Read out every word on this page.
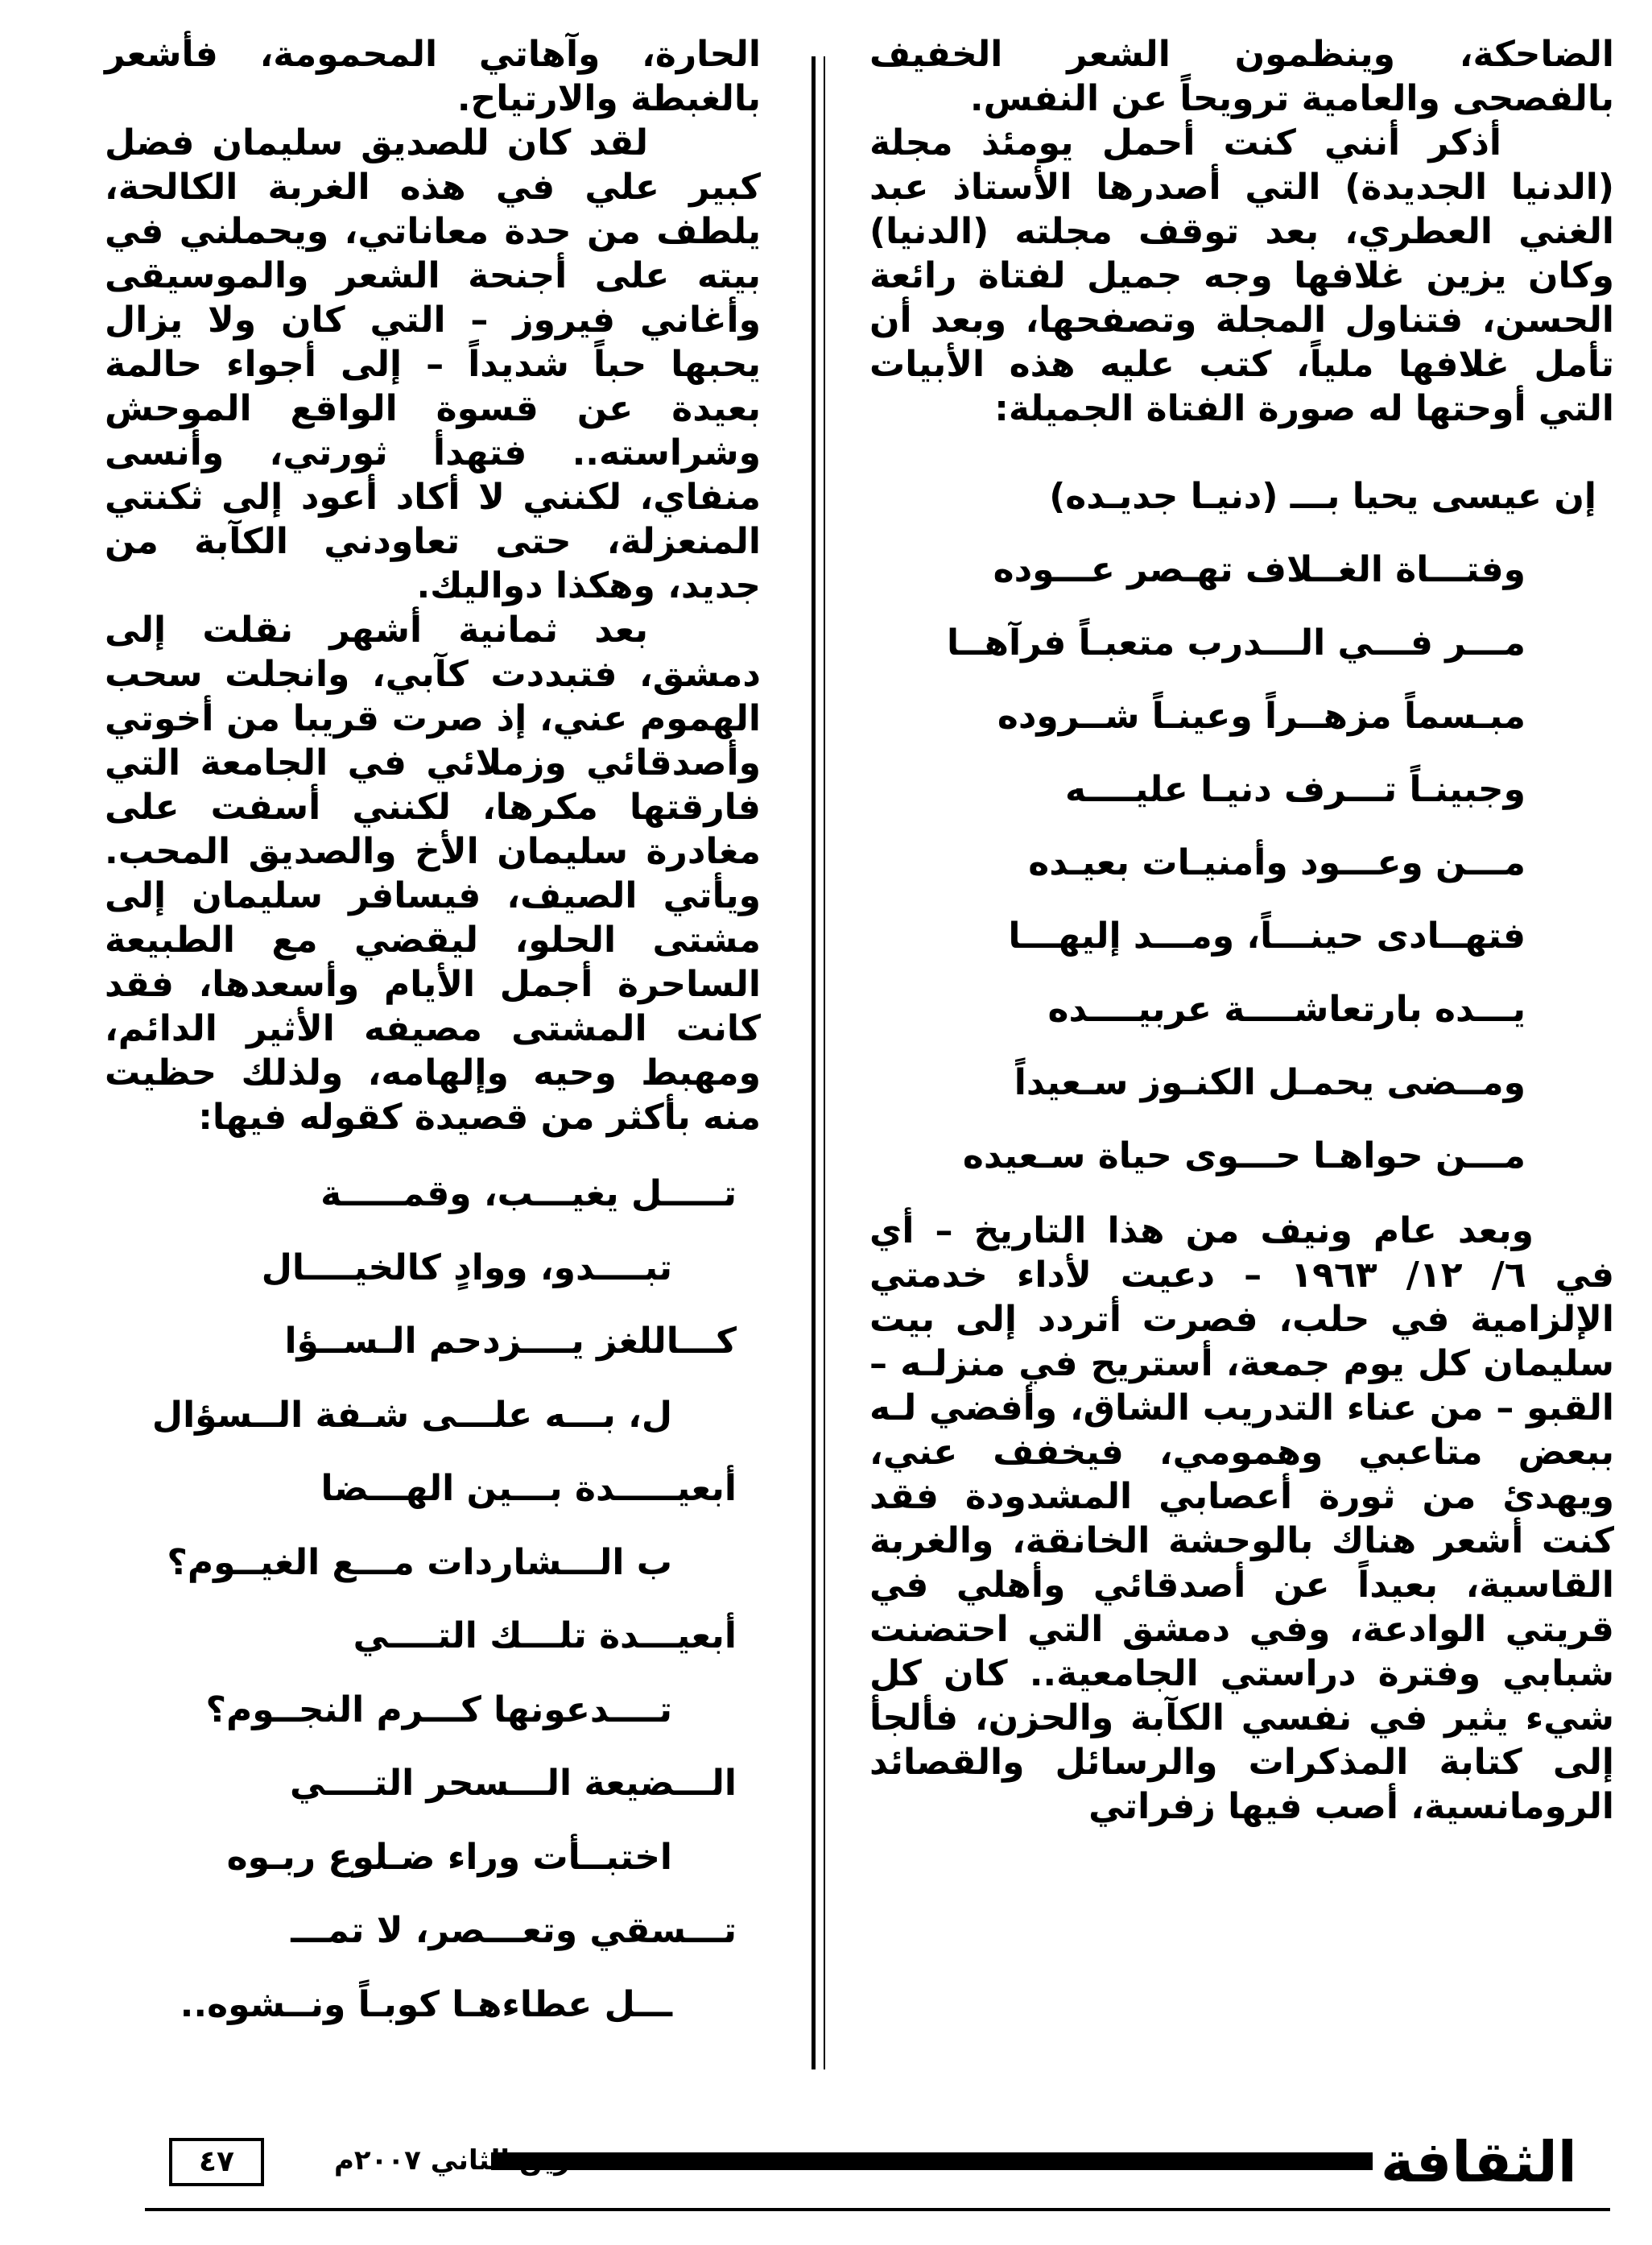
الضاحكة، وينظمون الشعر الخفيف بالفصحى والعامية ترويحاً عن النفس.

أذكر أنني كنت أحمل يومئذ مجلة (الدنيا الجديدة) التي أصدرها الأستاذ عبد الغني العطري، بعد توقف مجلته (الدنيا) وكان يزين غلافها وجه جميل لفتاة رائعة الحسن، فتناول المجلة وتصفحها، وبعد أن تأمل غلافها ملياً، كتب عليه هذه الأبيات التي أوحتها له صورة الفتاة الجميلة:

إن عيسى يحيا بـــ (دنيـا جديـده)
وفتـــاة الغــلاف تهـصر عـــوده
مـــر فـــي الـــدرب متعبـاً فرآهــا
مبـسماً مزهــراً وعينـاً شــروده
وجبينـاً تـــرف دنيـا عليــــه
مـــن وعـــود وأمنيـات بعيـده
فتهــادى حينـــاً، ومـــد إليهـــا
يـــده بارتعاشــــة عربيــــده
ومــضى يحمـل الكنـوز سـعيداً
مـــن حواهـا حـــوى حياة سـعيده

وبعد عام ونيف من هذا التاريخ – أي في ٦/ ١٢/ ١٩٦٣ – دعيت لأداء خدمتي الإلزامية في حلب، فصرت أتردد إلى بيت سليمان كل يوم جمعة، أستريح في منزلـه – القبو – من عناء التدريب الشاق، وأفضي لـه ببعض متاعبي وهمومي، فيخفف عني، ويهدئ من ثورة أعصابي المشدودة فقد كنت أشعر هناك بالوحشة الخانقة، والغربة القاسية، بعيداً عن أصدقائي وأهلي في قريتي الوادعة، وفي دمشق التي احتضنت شبابي وفترة دراستي الجامعية.. كان كل شيء يثير في نفسي الكآبة والحزن، فألجأ إلى كتابة المذكرات والرسائل والقصائد الرومانسية، أصب فيها زفراتي

الحارة، وآهاتي المحمومة، فأشعر بالغبطة والارتياح.

لقد كان للصديق سليمان فضل كبير علي في هذه الغربة الكالحة، يلطف من حدة معاناتي، ويحملني في بيته على أجنحة الشعر والموسيقى وأغاني فيروز – التي كان ولا يزال يحبها حباً شديداً – إلى أجواء حالمة بعيدة عن قسوة الواقع الموحش وشراسته.. فتهدأ ثورتي، وأنسى منفاي، لكنني لا أكاد أعود إلى ثكنتي المنعزلة، حتى تعاودني الكآبة من جديد، وهكذا دواليك.

بعد ثمانية أشهر نقلت إلى دمشق، فتبددت كآبي، وانجلت سحب الهموم عني، إذ صرت قريبا من أخوتي وأصدقائي وزملائي في الجامعة التي فارقتها مكرها، لكنني أسفت على مغادرة سليمان الأخ والصديق المحب. ويأتي الصيف، فيسافر سليمان إلى مشتى الحلو، ليقضي مع الطبيعة الساحرة أجمل الأيام وأسعدها، فقد كانت المشتى مصيفه الأثير الدائم، ومهبط وحيه وإلهامه، ولذلك حظيت منه بأكثر من قصيدة كقوله فيها:

تـــــل يغيـــب، وقمـــــة
تبــــدو، ووادٍ كالخيــــال
كـــاللغز يــــزدحم الـســؤا
ل، بـــه علـــى شـفة الــسؤال
أبعيـــــدة بـــين الهـــضا
ب الـــشاردات مـــع الغيــوم؟
أبعيـــدة تلـــك التــــي
تــــدعونها كـــرم النجــوم؟
الـــضيعة الـــسحر التــــي
اختبــأت وراء ضـلوع ربـوه
تـــسقي وتعـــصر، لا تمـــ
ـــل عطاءهـا كوبـاً ونــشوه..
الثقافة
تشرين الثاني ٢٠٠٧م
٤٧
